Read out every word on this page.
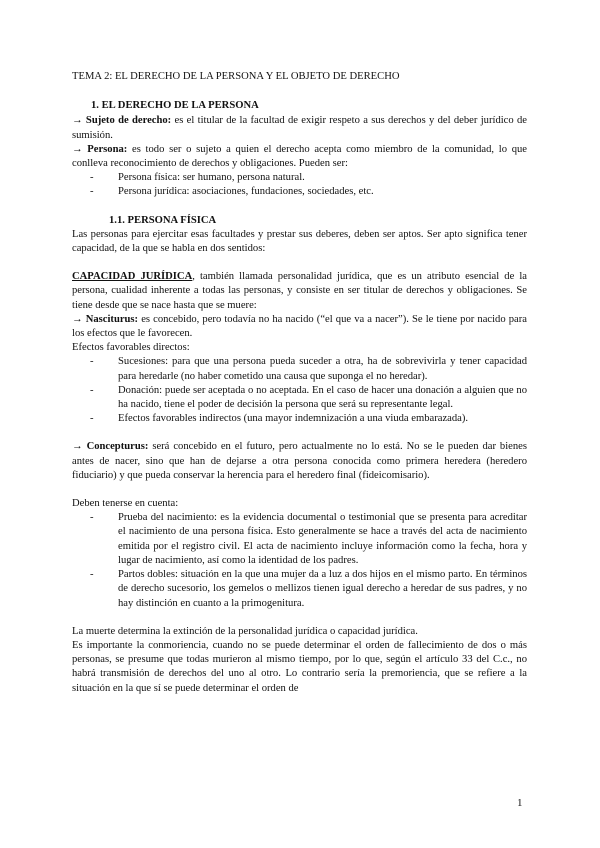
TEMA 2: EL DERECHO DE LA PERSONA Y EL OBJETO DE DERECHO

1. EL DERECHO DE LA PERSONA

→ Sujeto de derecho: es el titular de la facultad de exigir respeto a sus derechos y del deber jurídico de sumisión.

→ Persona: es todo ser o sujeto a quien el derecho acepta como miembro de la comunidad, lo que conlleva reconocimiento de derechos y obligaciones. Pueden ser:

- Persona física: ser humano, persona natural.
- Persona jurídica: asociaciones, fundaciones, sociedades, etc.

1.1. PERSONA FÍSICA

Las personas para ejercitar esas facultades y prestar sus deberes, deben ser aptos. Ser apto significa tener capacidad, de la que se habla en dos sentidos:

CAPACIDAD JURÍDICA, también llamada personalidad jurídica, que es un atributo esencial de la persona, cualidad inherente a todas las personas, y consiste en ser titular de derechos y obligaciones. Se tiene desde que se nace hasta que se muere:

→ Nasciturus: es concebido, pero todavía no ha nacido (“el que va a nacer”). Se le tiene por nacido para los efectos que le favorecen.

Efectos favorables directos:

- Sucesiones: para que una persona pueda suceder a otra, ha de sobrevivirla y tener capacidad para heredarle (no haber cometido una causa que suponga el no heredar).
- Donación: puede ser aceptada o no aceptada. En el caso de hacer una donación a alguien que no ha nacido, tiene el poder de decisión la persona que será su representante legal.
- Efectos favorables indirectos (una mayor indemnización a una viuda embarazada).

→ Concepturus: será concebido en el futuro, pero actualmente no lo está. No se le pueden dar bienes antes de nacer, sino que han de dejarse a otra persona conocida como primera heredera (heredero fiduciario) y que pueda conservar la herencia para el heredero final (fideicomisario).

Deben tenerse en cuenta:

- Prueba del nacimiento: es la evidencia documental o testimonial que se presenta para acreditar el nacimiento de una persona física. Esto generalmente se hace a través del acta de nacimiento emitida por el registro civil. El acta de nacimiento incluye información como la fecha, hora y lugar de nacimiento, así como la identidad de los padres.
- Partos dobles: situación en la que una mujer da a luz a dos hijos en el mismo parto. En términos de derecho sucesorio, los gemelos o mellizos tienen igual derecho a heredar de sus padres, y no hay distinción en cuanto a la primogenitura.

La muerte determina la extinción de la personalidad jurídica o capacidad jurídica.

Es importante la conmoriencia, cuando no se puede determinar el orden de fallecimiento de dos o más personas, se presume que todas murieron al mismo tiempo, por lo que, según el artículo 33 del C.c., no habrá transmisión de derechos del uno al otro. Lo contrario sería la premoriencia, que se refiere a la situación en la que sí se puede determinar el orden de

1
